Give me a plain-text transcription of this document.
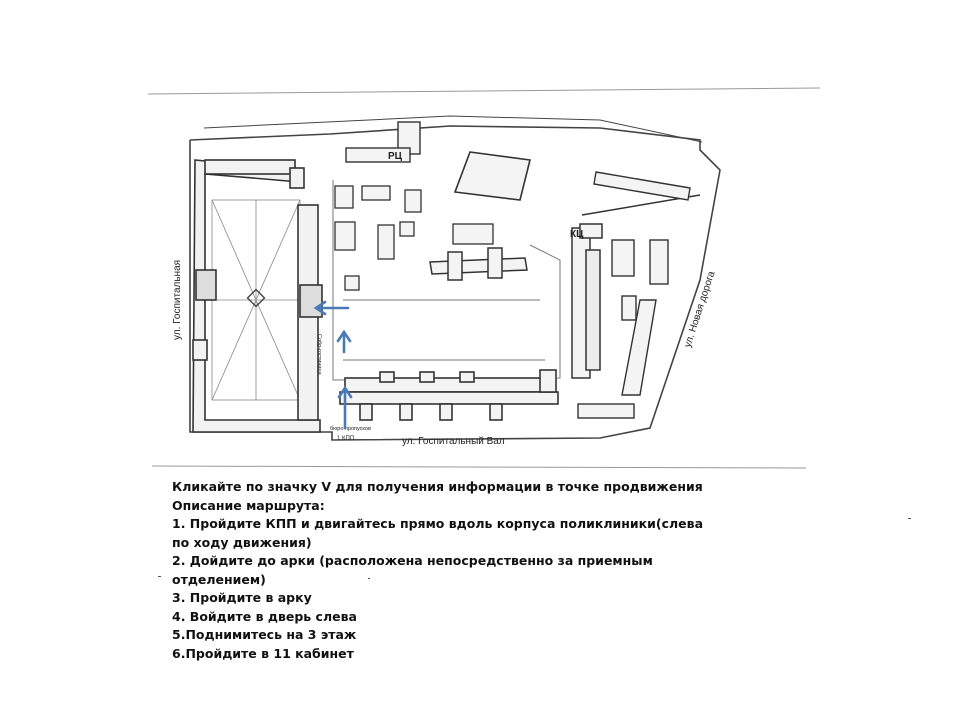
РЦ
КЦ
ул. Госпитальная	ул. Новая дорога
ул. Госпитальный Вал
бюро пропусков
1 КПП
Собр-гостиница
Кликайте по значку V для получения информации в точке продвижения
Описание маршрута:
1. Пройдите КПП и двигайтесь прямо вдоль корпуса поликлиники(слева
по ходу движения)
2. Дойдите до арки (расположена непосредственно за приемным
отделением)
3. Пройдите в арку
4. Войдите в дверь слева
5.Поднимитесь на 3 этаж
6.Пройдите в 11 кабинет
